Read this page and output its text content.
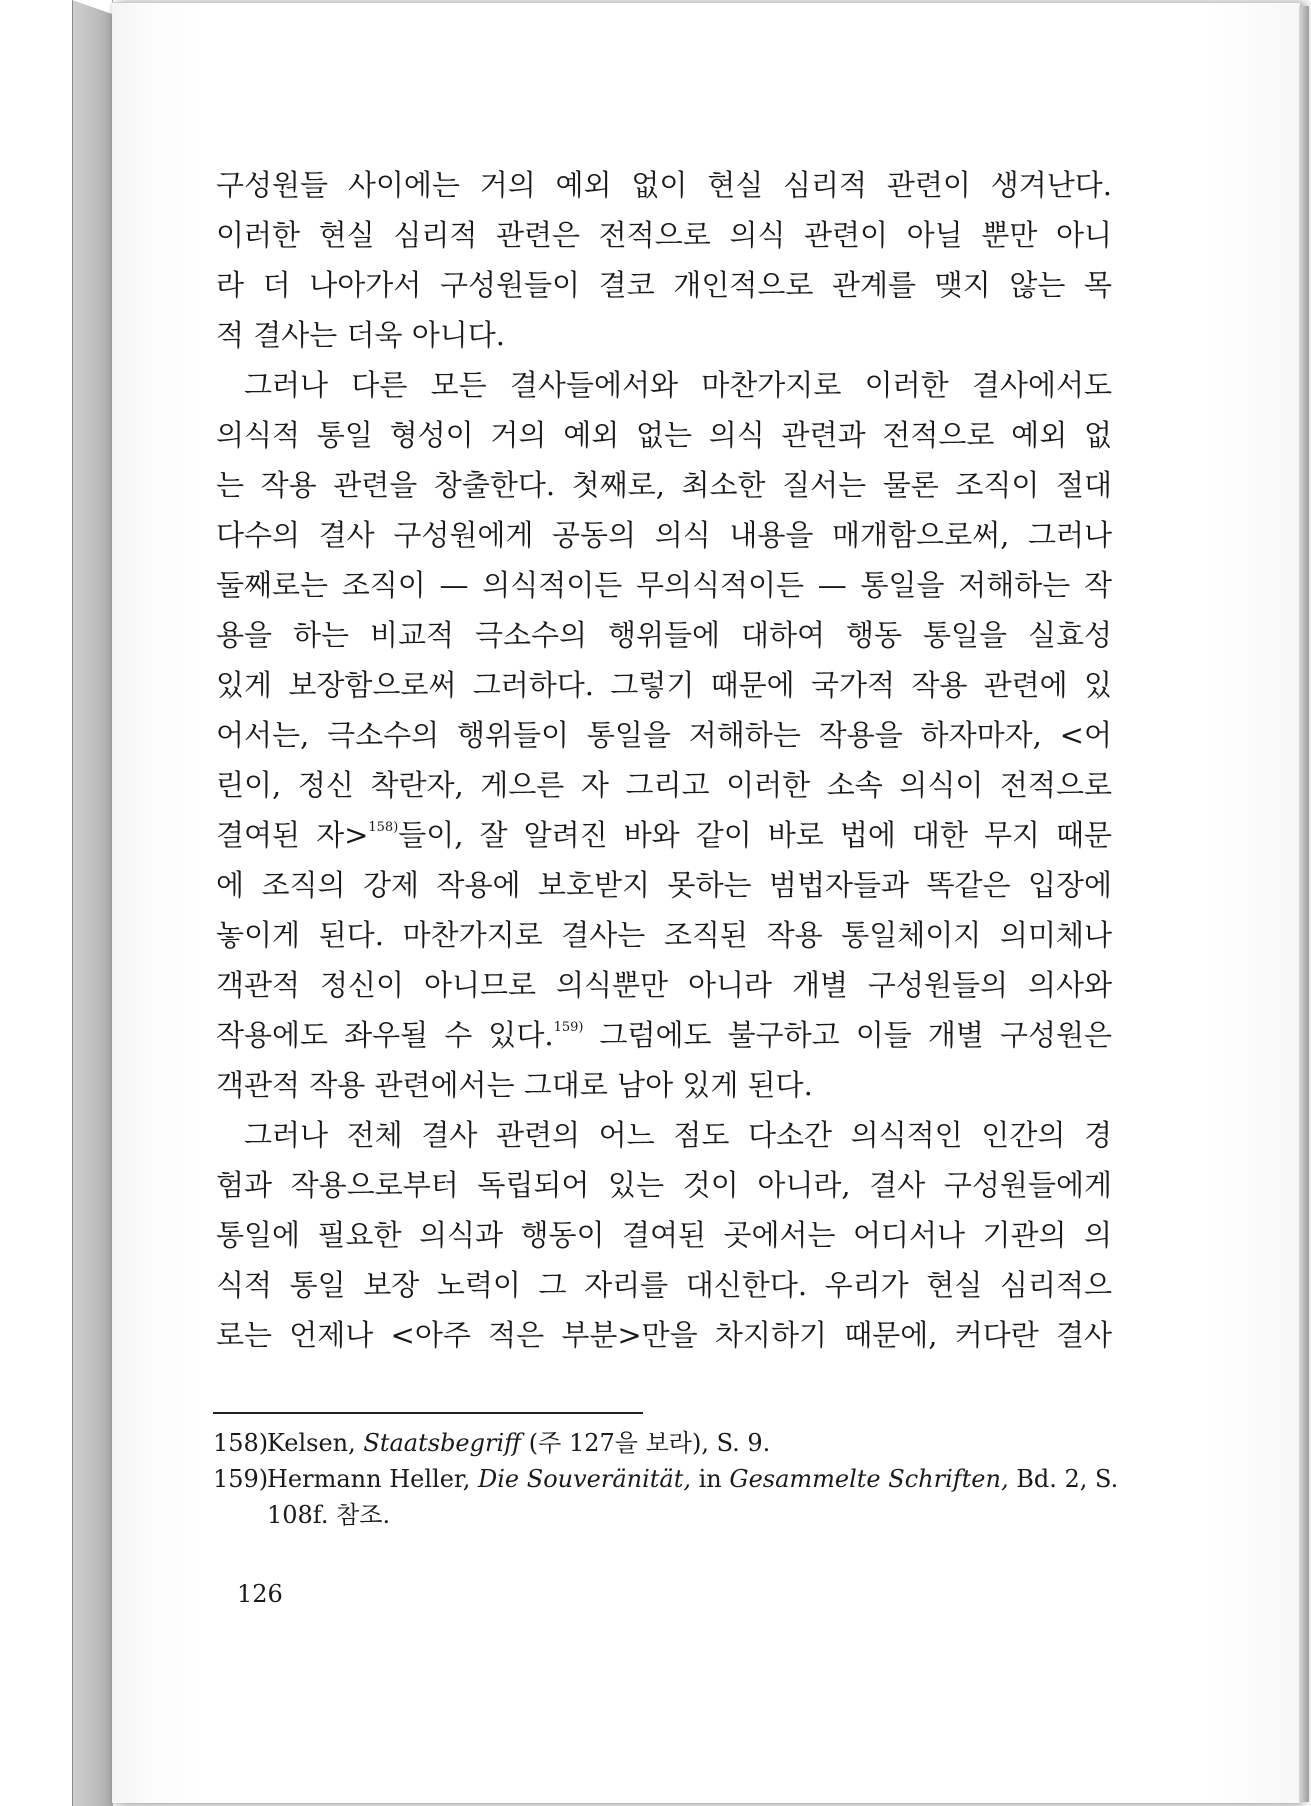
구성원들 사이에는 거의 예외 없이 현실 심리적 관련이 생겨난다.
이러한 현실 심리적 관련은 전적으로 의식 관련이 아닐 뿐만 아니
라 더 나아가서 구성원들이 결코 개인적으로 관계를 맺지 않는 목
적 결사는 더욱 아니다.
그러나 다른 모든 결사들에서와 마찬가지로 이러한 결사에서도
의식적 통일 형성이 거의 예외 없는 의식 관련과 전적으로 예외 없
는 작용 관련을 창출한다. 첫째로, 최소한 질서는 물론 조직이 절대
다수의 결사 구성원에게 공동의 의식 내용을 매개함으로써, 그러나
둘째로는 조직이 — 의식적이든 무의식적이든 — 통일을 저해하는 작
용을 하는 비교적 극소수의 행위들에 대하여 행동 통일을 실효성
있게 보장함으로써 그러하다. 그렇기 때문에 국가적 작용 관련에 있
어서는, 극소수의 행위들이 통일을 저해하는 작용을 하자마자, <어
린이, 정신 착란자, 게으른 자 그리고 이러한 소속 의식이 전적으로
결여된 자>$^{158)}$들이, 잘 알려진 바와 같이 바로 법에 대한 무지 때문
에 조직의 강제 작용에 보호받지 못하는 범법자들과 똑같은 입장에
놓이게 된다. 마찬가지로 결사는 조직된 작용 통일체이지 의미체나
객관적 정신이 아니므로 의식뿐만 아니라 개별 구성원들의 의사와
작용에도 좌우될 수 있다.$^{159)}$ 그럼에도 불구하고 이들 개별 구성원은
객관적 작용 관련에서는 그대로 남아 있게 된다.
그러나 전체 결사 관련의 어느 점도 다소간 의식적인 인간의 경
험과 작용으로부터 독립되어 있는 것이 아니라, 결사 구성원들에게
통일에 필요한 의식과 행동이 결여된 곳에서는 어디서나 기관의 의
식적 통일 보장 노력이 그 자리를 대신한다. 우리가 현실 심리적으
로는 언제나 <아주 적은 부분>만을 차지하기 때문에, 커다란 결사
158)
Kelsen, Staatsbegriff (주 127을 보라), S. 9.
159)
Hermann Heller, Die Souveränität, in Gesammelte Schriften, Bd. 2, S.
108f. 참조.
126
